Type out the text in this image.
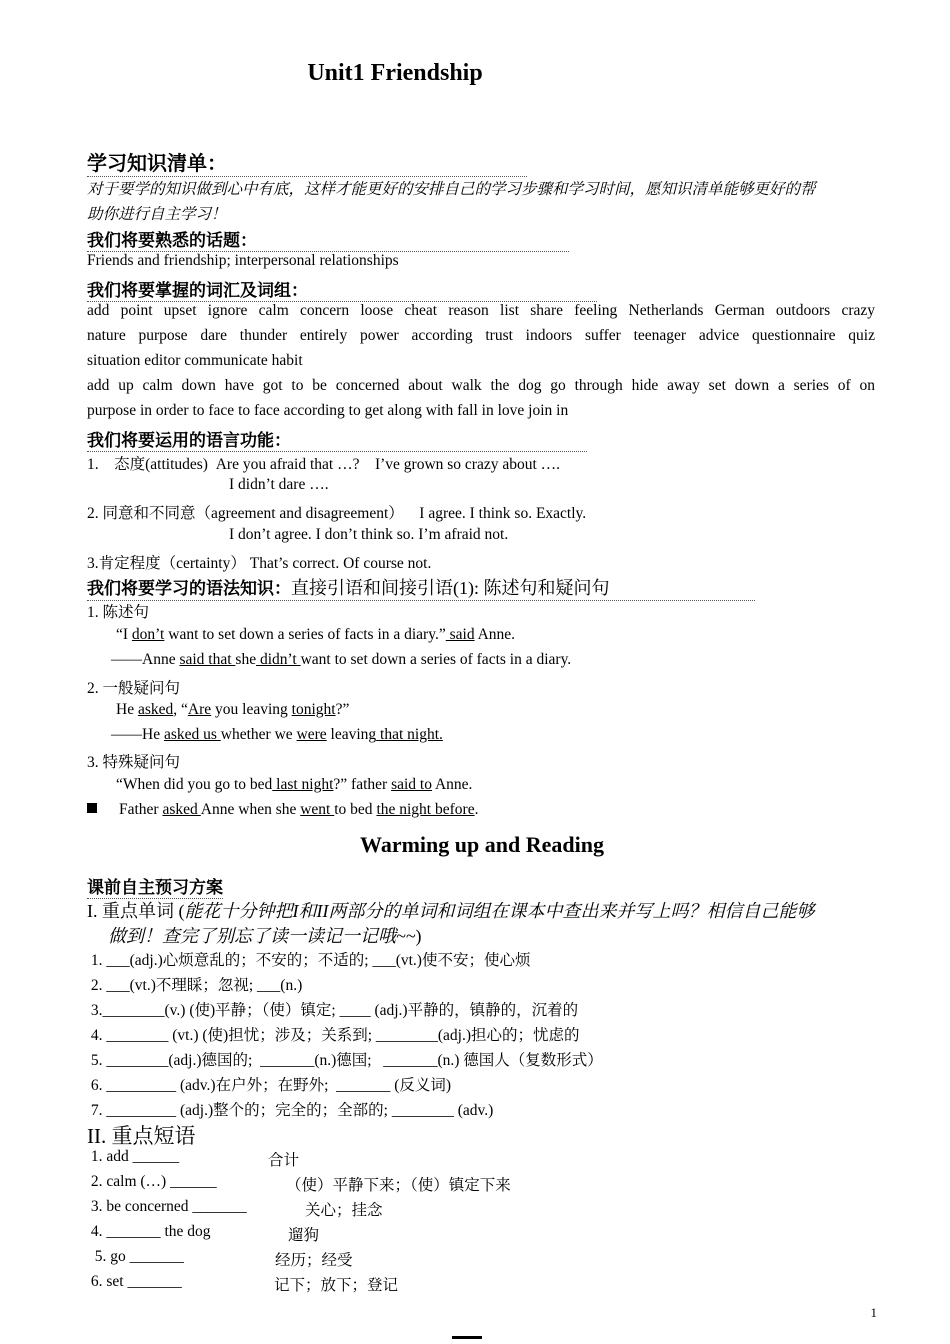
Unit1 Friendship
学习知识清单：
对于要学的知识做到心中有底，这样才能更好的安排自己的学习步骤和学习时间，愿知识清单能够更好的帮
助你进行自主学习！
我们将要熟悉的话题：
Friends and friendship; interpersonal relationships
我们将要掌握的词汇及词组：
add point upset ignore calm concern loose cheat reason list share feeling Netherlands German outdoors crazy
nature purpose dare thunder entirely power according trust indoors suffer teenager advice questionnaire quiz
situation editor communicate habit
add up calm down have got to be concerned about walk the dog go through hide away set down a series of on
purpose in order to face to face according to get along with fall in love join in
我们将要运用的语言功能：
1.    态度(attitudes)  Are you afraid that …?    I’ve grown so crazy about ….
I didn’t dare ….
2. 同意和不同意（agreement and disagreement）    I agree. I think so. Exactly.
I don’t agree. I don’t think so. I’m afraid not.
3.肯定程度（certainty） That’s correct. Of course not.
我们将要学习的语法知识：直接引语和间接引语(1): 陈述句和疑问句
1. 陈述句
“I don’t want to set down a series of facts in a diary.” said Anne.
——Anne said that she didn’t want to set down a series of facts in a diary.
2. 一般疑问句
He asked, “Are you leaving tonight?”
——He asked us whether we were leaving that night.
3. 特殊疑问句
“When did you go to bed last night?” father said to Anne.
Father asked Anne when she went to bed the night before.
Warming up and Reading
课前自主预习方案
I. 重点单词 (能花十分钟把I和II两部分的单词和词组在课本中查出来并写上吗？相信自己能够
做到！查完了别忘了读一读记一记哦~~)
1. ___(adj.)心烦意乱的；不安的；不适的; ___(vt.)使不安；使心烦
2. ___(vt.)不理睬；忽视; ___(n.)
3.________(v.) (使)平静；（使）镇定; ____ (adj.)平静的，镇静的，沉着的
4. ________ (vt.) (使)担忧；涉及；关系到; ________(adj.)担心的；忧虑的
5. ________(adj.)德国的;  _______(n.)德国;   _______(n.) 德国人（复数形式）
6. _________ (adv.)在户外；在野外;  _______ (反义词)
7. _________ (adj.)整个的；完全的；全部的; ________ (adv.)
II. 重点短语
1. add ______	合计
2. calm (…) ______	（使）平静下来；（使）镇定下来
3. be concerned _______	关心；挂念
4. _______ the dog	遛狗
5. go _______	经历；经受
6. set _______	记下；放下；登记
1
